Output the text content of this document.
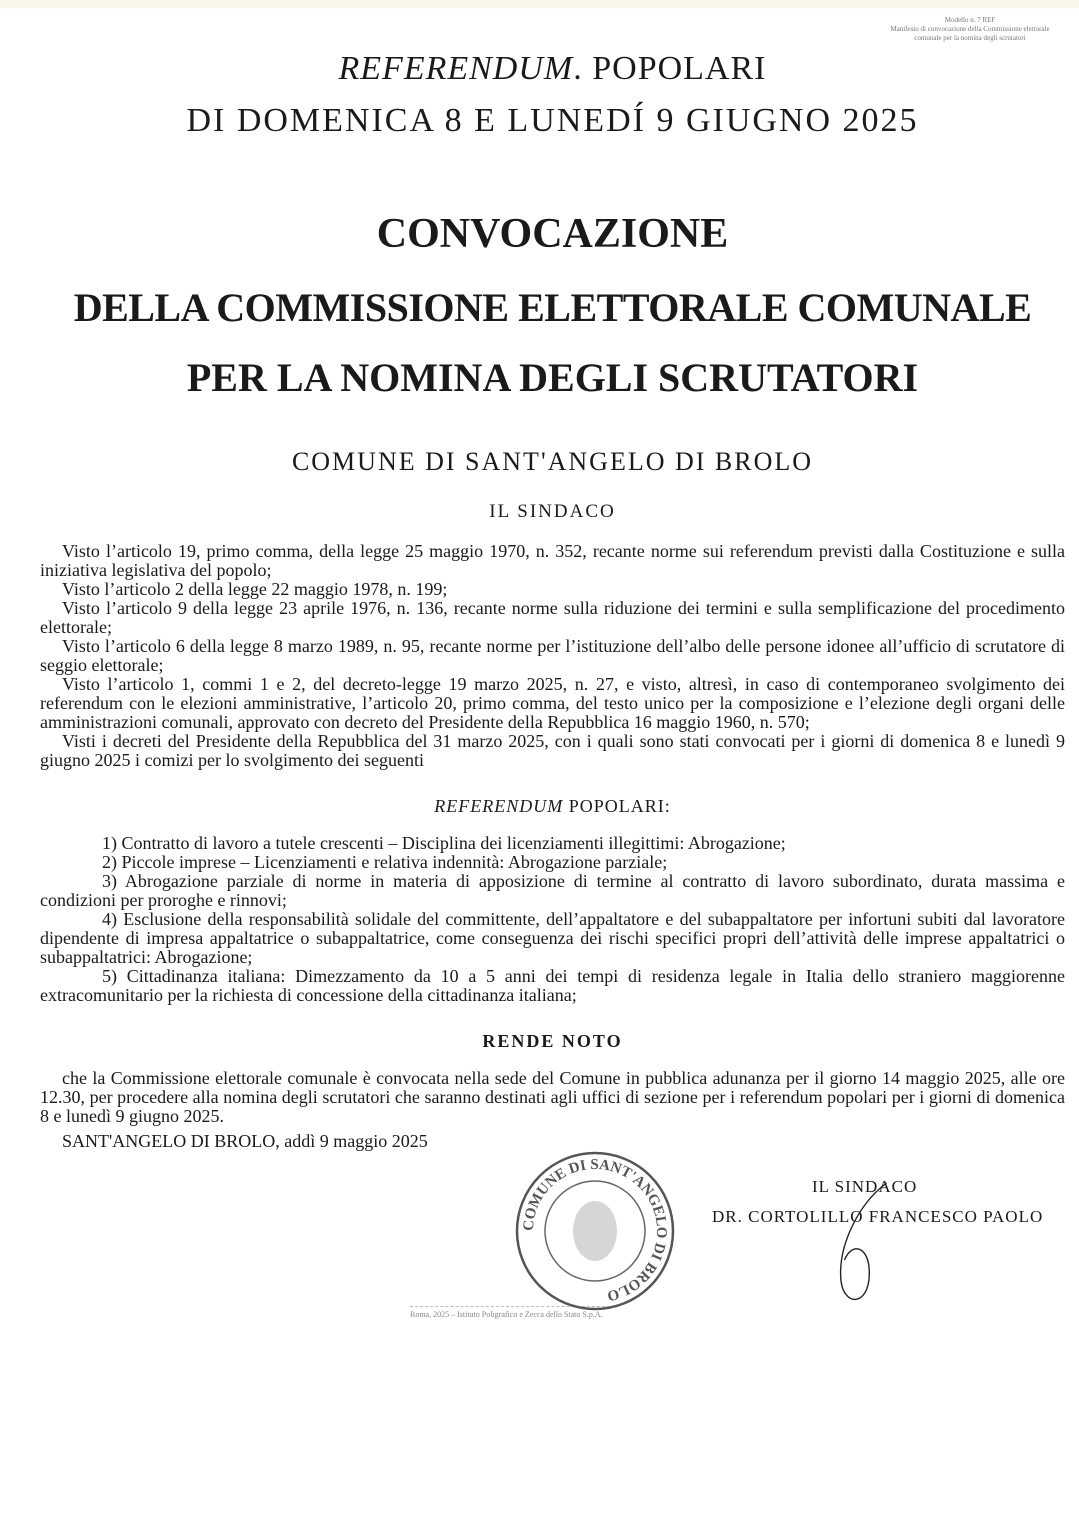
Modello n. 7 REF
Manifesto di convocazione della Commissione elettorale comunale per la nomina degli scrutatori
REFERENDUM. POPOLARI
DI DOMENICA 8 E LUNEDÍ 9 GIUGNO 2025
CONVOCAZIONE
DELLA COMMISSIONE ELETTORALE COMUNALE
PER LA NOMINA DEGLI SCRUTATORI
COMUNE DI SANT'ANGELO DI BROLO
IL SINDACO

Visto l’articolo 19, primo comma, della legge 25 maggio 1970, n. 352, recante norme sui referendum previsti dalla Costituzione e sulla iniziativa legislativa del popolo;

Visto l’articolo 2 della legge 22 maggio 1978, n. 199;

Visto l’articolo 9 della legge 23 aprile 1976, n. 136, recante norme sulla riduzione dei termini e sulla semplificazione del procedimento elettorale;

Visto l’articolo 6 della legge 8 marzo 1989, n. 95, recante norme per l’istituzione dell’albo delle persone idonee all’ufficio di scrutatore di seggio elettorale;

Visto l’articolo 1, commi 1 e 2, del decreto-legge 19 marzo 2025, n. 27, e visto, altresì, in caso di contemporaneo svolgimento dei referendum con le elezioni amministrative, l’articolo 20, primo comma, del testo unico per la composizione e l’elezione degli organi delle amministrazioni comunali, approvato con decreto del Presidente della Repubblica 16 maggio 1960, n. 570;

Visti i decreti del Presidente della Repubblica del 31 marzo 2025, con i quali sono stati convocati per i giorni di domenica 8 e lunedì 9 giugno 2025 i comizi per lo svolgimento dei seguenti

REFERENDUM POPOLARI:

1) Contratto di lavoro a tutele crescenti – Disciplina dei licenziamenti illegittimi: Abrogazione;

2) Piccole imprese – Licenziamenti e relativa indennità: Abrogazione parziale;

3) Abrogazione parziale di norme in materia di apposizione di termine al contratto di lavoro subordinato, durata massima e condizioni per proroghe e rinnovi;

4) Esclusione della responsabilità solidale del committente, dell’appaltatore e del subappaltatore per infortuni subiti dal lavoratore dipendente di impresa appaltatrice o subappaltatrice, come conseguenza dei rischi specifici propri dell’attività delle imprese appaltatrici o subappaltatrici: Abrogazione;

5) Cittadinanza italiana: Dimezzamento da 10 a 5 anni dei tempi di residenza legale in Italia dello straniero maggiorenne extracomunitario per la richiesta di concessione della cittadinanza italiana;

RENDE NOTO

che la Commissione elettorale comunale è convocata nella sede del Comune in pubblica adunanza per il giorno 14 maggio 2025, alle ore 12.30, per procedere alla nomina degli scrutatori che saranno destinati agli uffici di sezione per i referendum popolari per i giorni di domenica 8 e lunedì 9 giugno 2025.

SANT'ANGELO DI BROLO, addì 9 maggio 2025
COMUNE DI SANT'ANGELO DI BROLO
IL SINDACO
DR. CORTOLILLO FRANCESCO PAOLO
Roma, 2025 – Istituto Poligrafico e Zecca dello Stato S.p.A.
